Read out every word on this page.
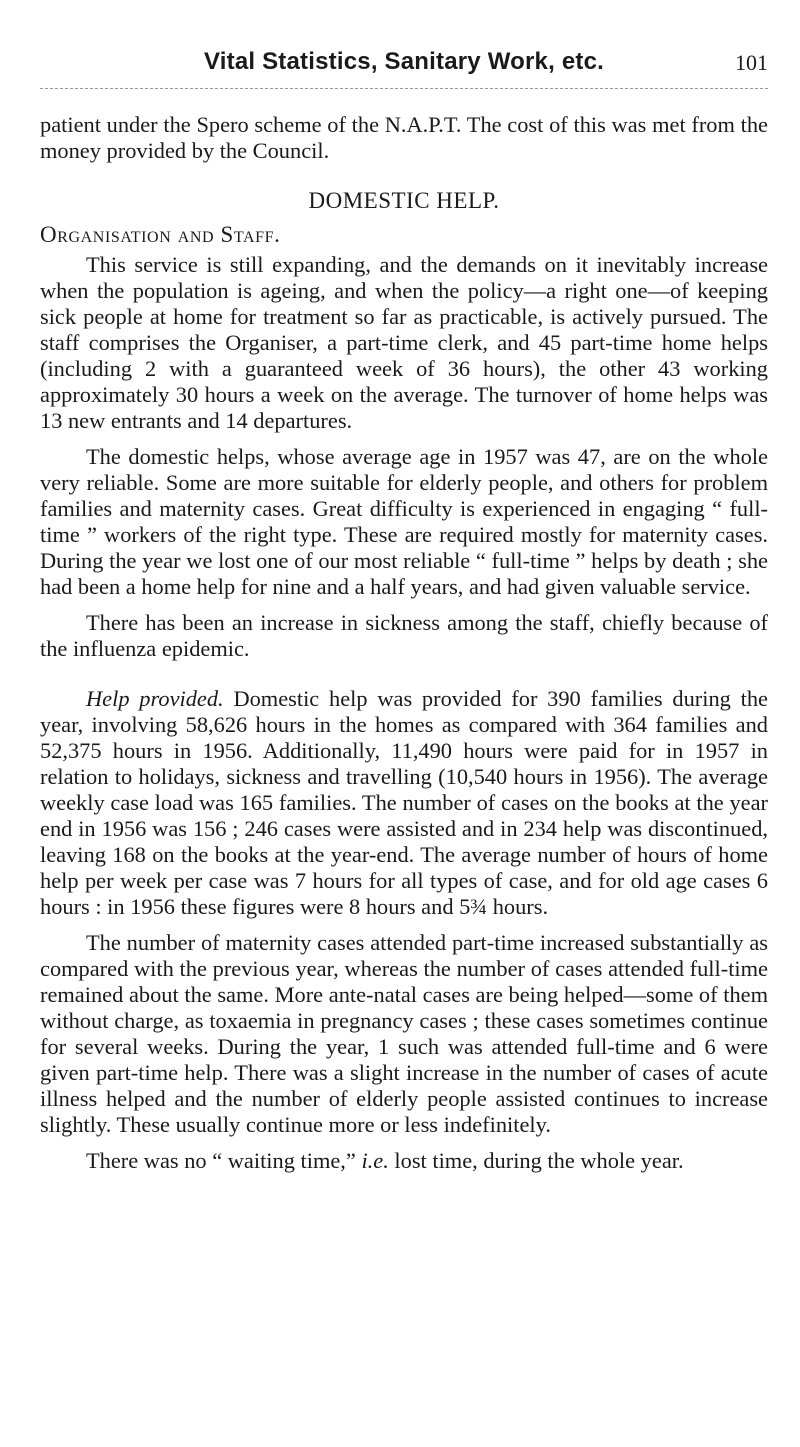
Vital Statistics, Sanitary Work, etc.	101

patient under the Spero scheme of the N.A.P.T. The cost of this was met from the money provided by the Council.

DOMESTIC HELP.
Organisation and Staff.

This service is still expanding, and the demands on it inevitably increase when the population is ageing, and when the policy—a right one—of keeping sick people at home for treatment so far as practicable, is actively pursued. The staff comprises the Organiser, a part-time clerk, and 45 part-time home helps (including 2 with a guaranteed week of 36 hours), the other 43 working approximately 30 hours a week on the average. The turnover of home helps was 13 new entrants and 14 departures.

The domestic helps, whose average age in 1957 was 47, are on the whole very reliable. Some are more suitable for elderly people, and others for problem families and maternity cases. Great difficulty is experienced in engaging “ full-time ” workers of the right type. These are required mostly for maternity cases. During the year we lost one of our most reliable “ full-time ” helps by death ; she had been a home help for nine and a half years, and had given valuable service.

There has been an increase in sickness among the staff, chiefly because of the influenza epidemic.

Help provided. Domestic help was provided for 390 families during the year, involving 58,626 hours in the homes as compared with 364 families and 52,375 hours in 1956. Additionally, 11,490 hours were paid for in 1957 in relation to holidays, sickness and travelling (10,540 hours in 1956). The average weekly case load was 165 families. The number of cases on the books at the year end in 1956 was 156 ; 246 cases were assisted and in 234 help was discontinued, leaving 168 on the books at the year-end. The average number of hours of home help per week per case was 7 hours for all types of case, and for old age cases 6 hours : in 1956 these figures were 8 hours and 5¾ hours.

The number of maternity cases attended part-time increased substantially as compared with the previous year, whereas the number of cases attended full-time remained about the same. More ante-natal cases are being helped—some of them without charge, as toxaemia in pregnancy cases ; these cases sometimes continue for several weeks. During the year, 1 such was attended full-time and 6 were given part-time help. There was a slight increase in the number of cases of acute illness helped and the number of elderly people assisted continues to increase slightly. These usually continue more or less indefinitely.

There was no “ waiting time,” i.e. lost time, during the whole year.
